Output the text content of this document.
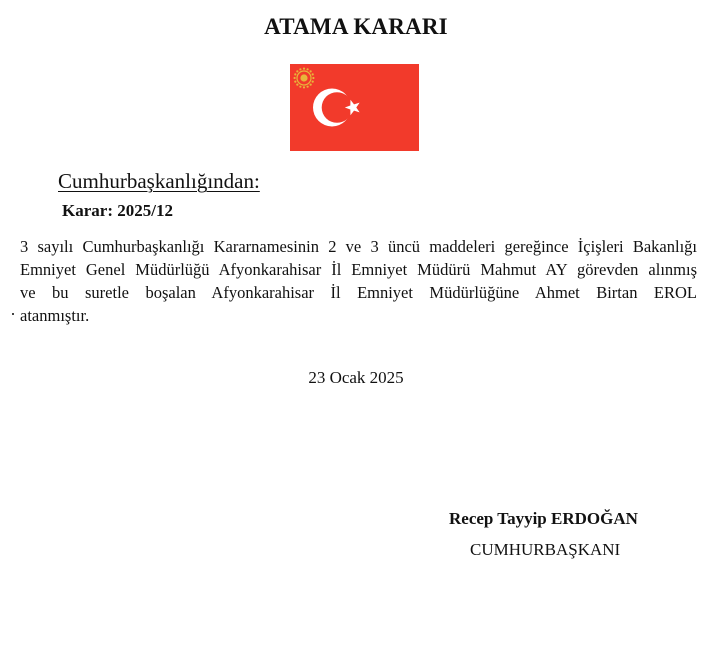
ATAMA KARARI
Cumhurbaşkanlığından:
Karar: 2025/12
3 sayılı Cumhurbaşkanlığı Kararnamesinin 2 ve 3 üncü maddeleri gereğince İçişleri Bakanlığı
Emniyet Genel Müdürlüğü Afyonkarahisar İl Emniyet Müdürü Mahmut AY görevden alınmış
ve bu suretle boşalan Afyonkarahisar İl Emniyet Müdürlüğüne Ahmet Birtan EROL
atanmıştır.
23 Ocak 2025
Recep Tayyip ERDOĞAN
CUMHURBAŞKANI
